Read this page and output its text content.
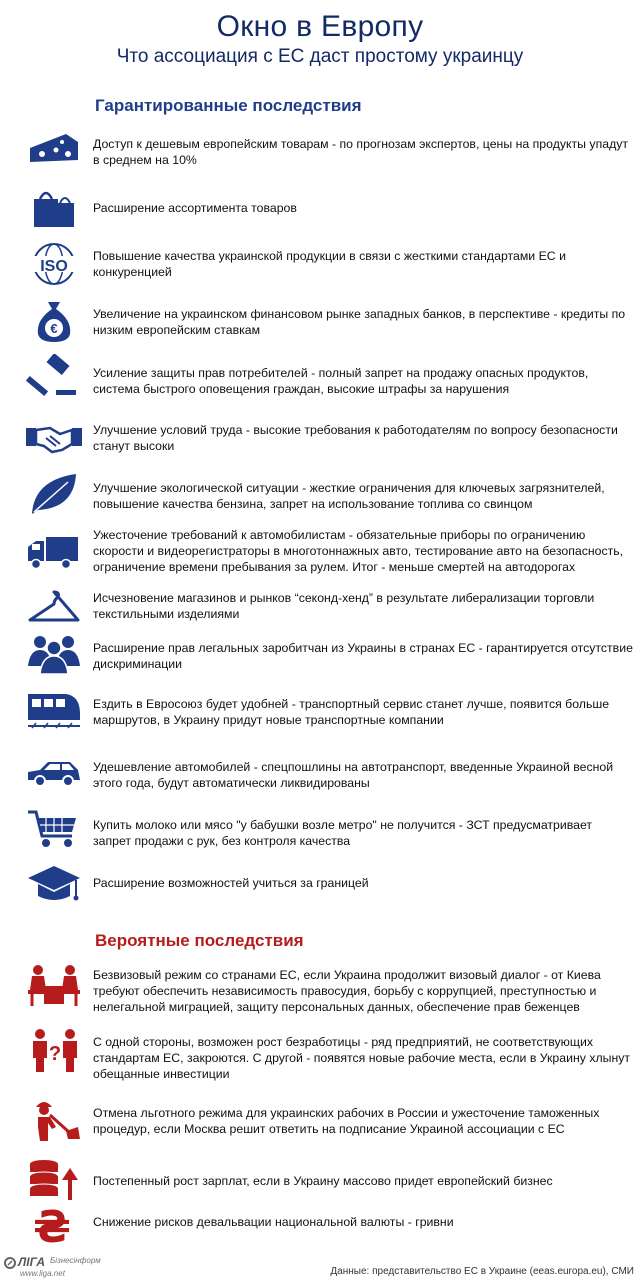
Окно в Европу
Что ассоциация с ЕС даст простому украинцу
Гарантированные последствия
Доступ к дешевым европейским товарам - по прогнозам экспертов, цены на продукты упадут в среднем на 10%
Расширение ассортимента товаров
ISO
Повышение качества украинской продукции в связи с жесткими стандартами ЕС и конкуренцией
€
Увеличение на украинском финансовом рынке западных банков, в перспективе - кредиты по низким европейским ставкам
Усиление защиты прав потребителей - полный запрет на продажу опасных продуктов, система быстрого оповещения граждан, высокие штрафы за нарушения
Улучшение условий труда - высокие требования к работодателям по вопросу безопасности станут высоки
Улучшение экологической ситуации - жесткие ограничения для ключевых загрязнителей, повышение качества бензина, запрет на использование топлива со свинцом
Ужесточение требований к автомобилистам - обязательные приборы по ограничению скорости и видеорегистраторы в многотоннажных авто, тестирование авто на безопасность, ограничение времени пребывания за рулем. Итог - меньше смертей на автодорогах
Исчезновение магазинов и рынков “секонд-хенд” в результате либерализации торговли текстильными изделиями
Расширение прав легальных заробитчан из Украины в странах ЕС - гарантируется отсутствие дискриминации
Ездить в Евросоюз будет удобней - транспортный сервис станет лучше, появится больше маршрутов, в Украину придут новые транспортные компании
Удешевление автомобилей - спецпошлины на автотранспорт, введенные Украиной весной этого года, будут автоматически ликвидированы
Купить молоко или мясо "у бабушки возле метро" не получится - ЗСТ предусматривает запрет продажи с рук, без контроля качества
Расширение возможностей учиться за границей
Вероятные последствия
Безвизовый режим со странами ЕС, если Украина продолжит визовый диалог - от Киева требуют обеспечить независимость правосудия, борьбу с коррупцией, преступностью и нелегальной миграцией, защиту персональных данных, обеспечение прав беженцев
?
С одной стороны, возможен рост безработицы - ряд предприятий, не соответствующих стандартам ЕС, закроются. С другой - появятся новые рабочие места, если в Украину хлынут обещанные инвестиции
Отмена льготного режима для украинских рабочих в России и ужесточение таможенных процедур, если Москва решит ответить на подписание Украиной ассоциации с ЕС
Постепенный рост зарплат, если в Украину массово придет европейский бизнес
₴ Снижение рисков девальвации национальной валюты - гривни
ЛІГА Бізнесінформ
www.liga.net	Данные: представительство ЕС в Украине (eeas.europa.eu), СМИ
